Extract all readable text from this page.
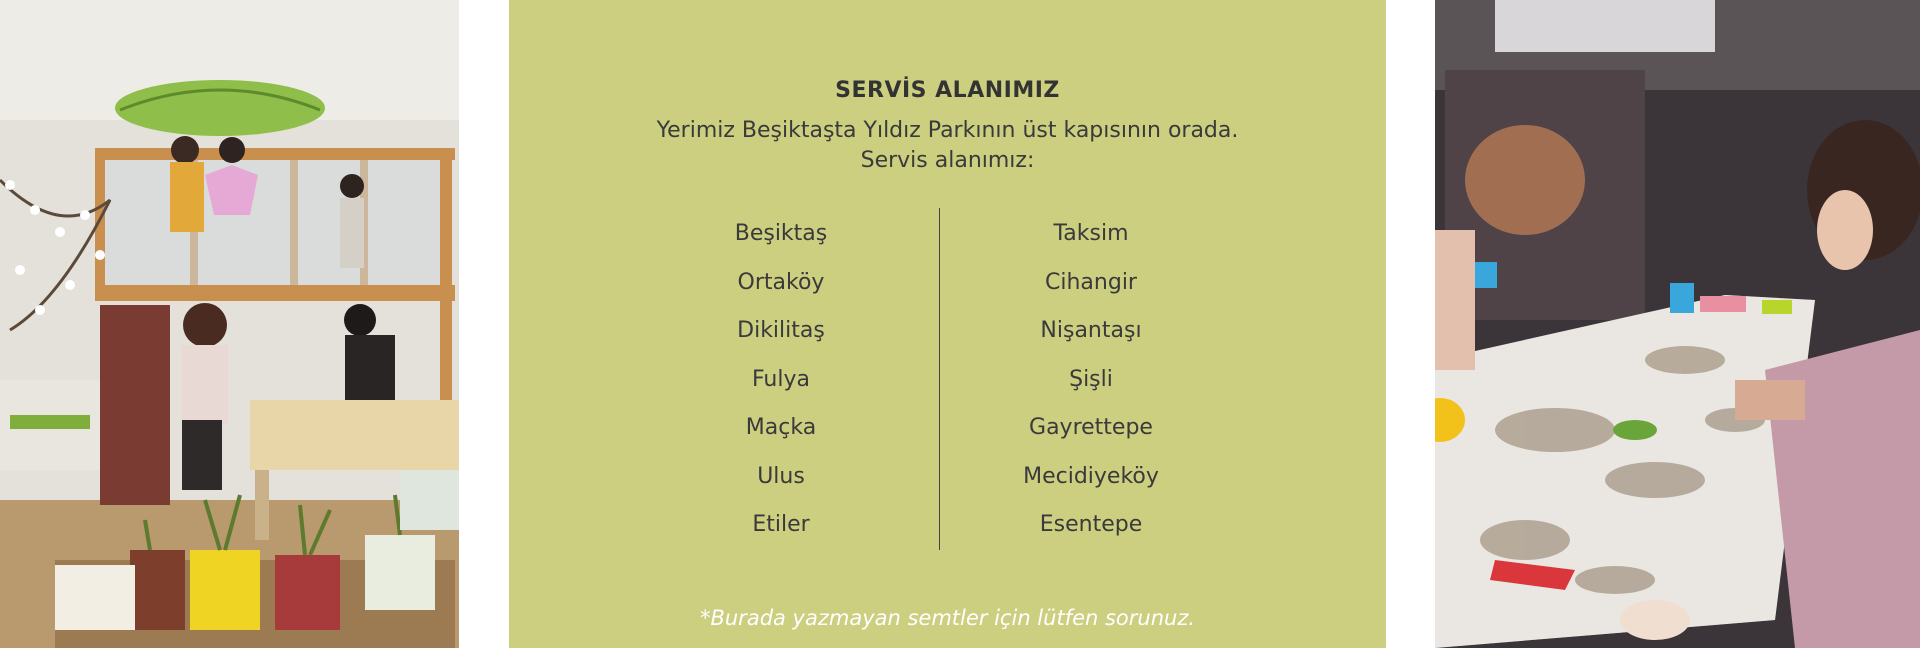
SERVİS ALANIMIZ
Yerimiz Beşiktaşta Yıldız Parkının üst kapısının orada.
Servis alanımız:
Beşiktaş
Ortaköy
Dikilitaş
Fulya
Maçka
Ulus
Etiler
Taksim
Cihangir
Nişantaşı
Şişli
Gayrettepe
Mecidiyeköy
Esentepe
*Burada yazmayan semtler için lütfen sorunuz.
